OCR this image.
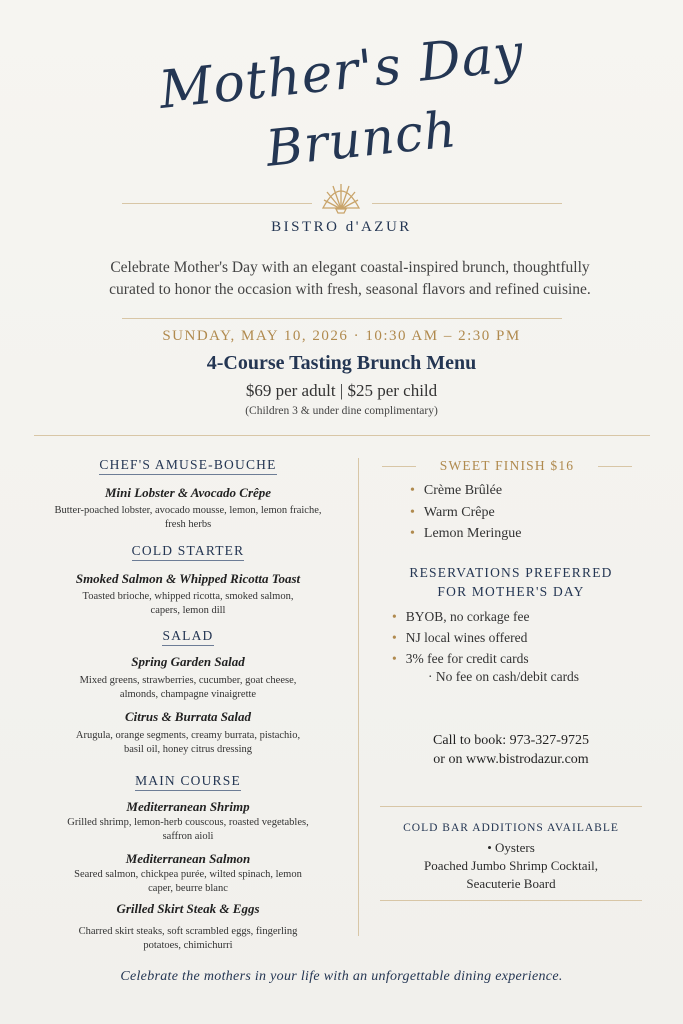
Mother's Day
Brunch
BISTRO d'AZUR
Celebrate Mother's Day with an elegant coastal-inspired brunch, thoughtfully
curated to honor the occasion with fresh, seasonal flavors and refined cuisine.
SUNDAY, MAY 10, 2026 · 10:30 AM – 2:30 PM
4-Course Tasting Brunch Menu
$69 per adult | $25 per child
(Children 3 & under dine complimentary)
CHEF'S AMUSE-BOUCHE
Mini Lobster & Avocado Crêpe
Butter-poached lobster, avocado mousse, lemon, lemon fraiche,
fresh herbs
COLD STARTER
Smoked Salmon & Whipped Ricotta Toast
Toasted brioche, whipped ricotta, smoked salmon,
capers, lemon dill
SALAD
Spring Garden Salad
Mixed greens, strawberries, cucumber, goat cheese,
almonds, champagne vinaigrette
Citrus & Burrata Salad
Arugula, orange segments, creamy burrata, pistachio,
basil oil, honey citrus dressing
MAIN COURSE
Mediterranean Shrimp
Grilled shrimp, lemon-herb couscous, roasted vegetables,
saffron aioli
Mediterranean Salmon
Seared salmon, chickpea purée, wilted spinach, lemon
caper, beurre blanc
Grilled Skirt Steak & Eggs
Charred skirt steaks, soft scrambled eggs, fingerling
potatoes, chimichurri
SWEET FINISH $16
• Crème Brûlée
• Warm Crêpe
• Lemon Meringue
RESERVATIONS PREFERRED
FOR MOTHER'S DAY
• BYOB, no corkage fee
• NJ local wines offered
• 3% fee for credit cards
· No fee on cash/debit cards
Call to book: 973-327-9725
or on www.bistrodazur.com
COLD BAR ADDITIONS AVAILABLE
• Oysters
Poached Jumbo Shrimp Cocktail,
Seacuterie Board
Celebrate the mothers in your life with an unforgettable dining experience.
